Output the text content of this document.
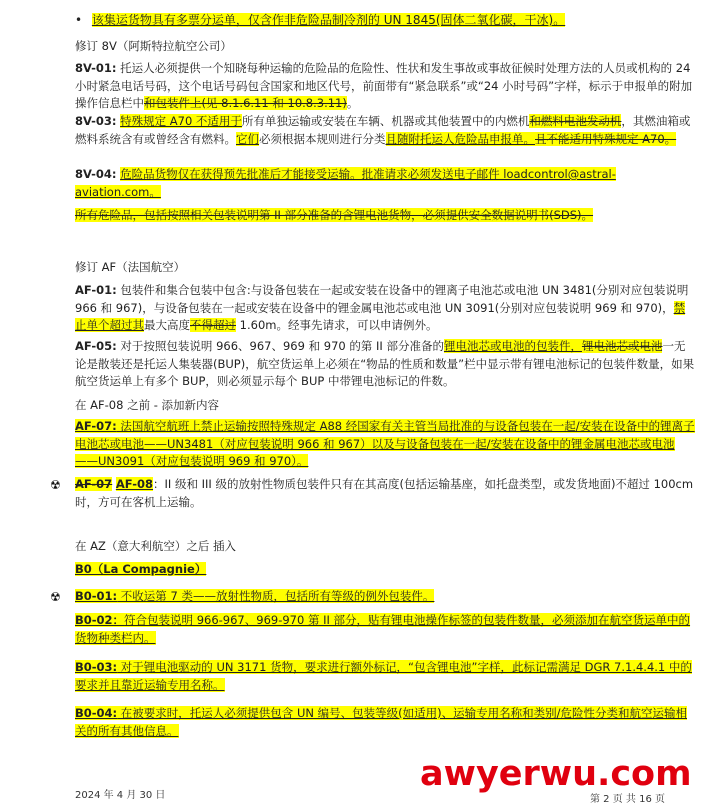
• 该集运货物具有多票分运单，仅含作非危险品制冷剂的 UN 1845(固体二氧化碳，干冰)。
修订 8V（阿斯特拉航空公司）
8V-01: 托运人必须提供一个知晓每种运输的危险品的危险性、性状和发生事故或事故征候时处理方法的人员或机构的 24 小时紧急电话号码，这个电话号码包含国家和地区代号，前面带有“紧急联系”或“24 小时号码”字样，标示于申报单的附加操作信息栏中和包装件上(见 8.1.6.11 和 10.8.3.11)。
8V-03: 特殊规定 A70 不适用于所有单独运输或安装在车辆、机器或其他装置中的内燃机和燃料电池发动机，其燃油箱或燃料系统含有或曾经含有燃料。它们必须根据本规则进行分类且随附托运人危险品申报单。且不能适用特殊规定 A70。
8V-04: 危险品货物仅在获得预先批准后才能接受运输。批准请求必须发送电子邮件 loadcontrol@astral-aviation.com。
所有危险品，包括按照相关包装说明第 II 部分准备的含锂电池货物，必须提供安全数据说明书(SDS)。
修订 AF（法国航空）
AF-01: 包装件和集合包装中包含:与设备包装在一起或安装在设备中的锂离子电池芯或电池 UN 3481(分别对应包装说明 966 和 967)，与设备包装在一起或安装在设备中的锂金属电池芯或电池 UN 3091(分别对应包装说明 969 和 970)，禁止单个超过其最大高度不得超过 1.60m。经事先请求，可以申请例外。
AF-05: 对于按照包装说明 966、967、969 和 970 的第 II 部分准备的锂电池芯或电池的包装件，锂电池芯或电池一无论是散装还是托运人集装器(BUP)，航空货运单上必须在“物品的性质和数量”栏中显示带有锂电池标记的包装件数量，如果航空货运单上有多个 BUP，则必须显示每个 BUP 中带锂电池标记的件数。
在 AF-08 之前 - 添加新内容
AF-07: 法国航空航班上禁止运输按照特殊规定 A88 经国家有关主管当局批准的与设备包装在一起/安装在设备中的锂离子电池芯或电池——UN3481（对应包装说明 966 和 967）以及与设备包装在一起/安装在设备中的锂金属电池芯或电池——UN3091（对应包装说明 969 和 970）。
☢ AF-07 AF-08：II 级和 III 级的放射性物质包装件只有在其高度(包括运输基座，如托盘类型，或发货地面)不超过 100cm 时，方可在客机上运输。
在 AZ（意大利航空）之后 插入
B0（La Compagnie）
☢ B0-01: 不收运第 7 类——放射性物质，包括所有等级的例外包装件。
B0-02：符合包装说明 966-967、969-970 第 II 部分，贴有锂电池操作标签的包装件数量，必须添加在航空货运单中的货物种类栏内。
B0-03: 对于锂电池驱动的 UN 3171 货物，要求进行额外标记，“包含锂电池”字样，此标记需满足 DGR 7.1.4.4.1 中的要求并且靠近运输专用名称。
B0-04: 在被要求时，托运人必须提供包含 UN 编号、包装等级(如适用)、运输专用名称和类别/危险性分类和航空运输相关的所有其他信息。
awyerwu.com
2024 年 4 月 30 日	第 2 页 共 16 页
